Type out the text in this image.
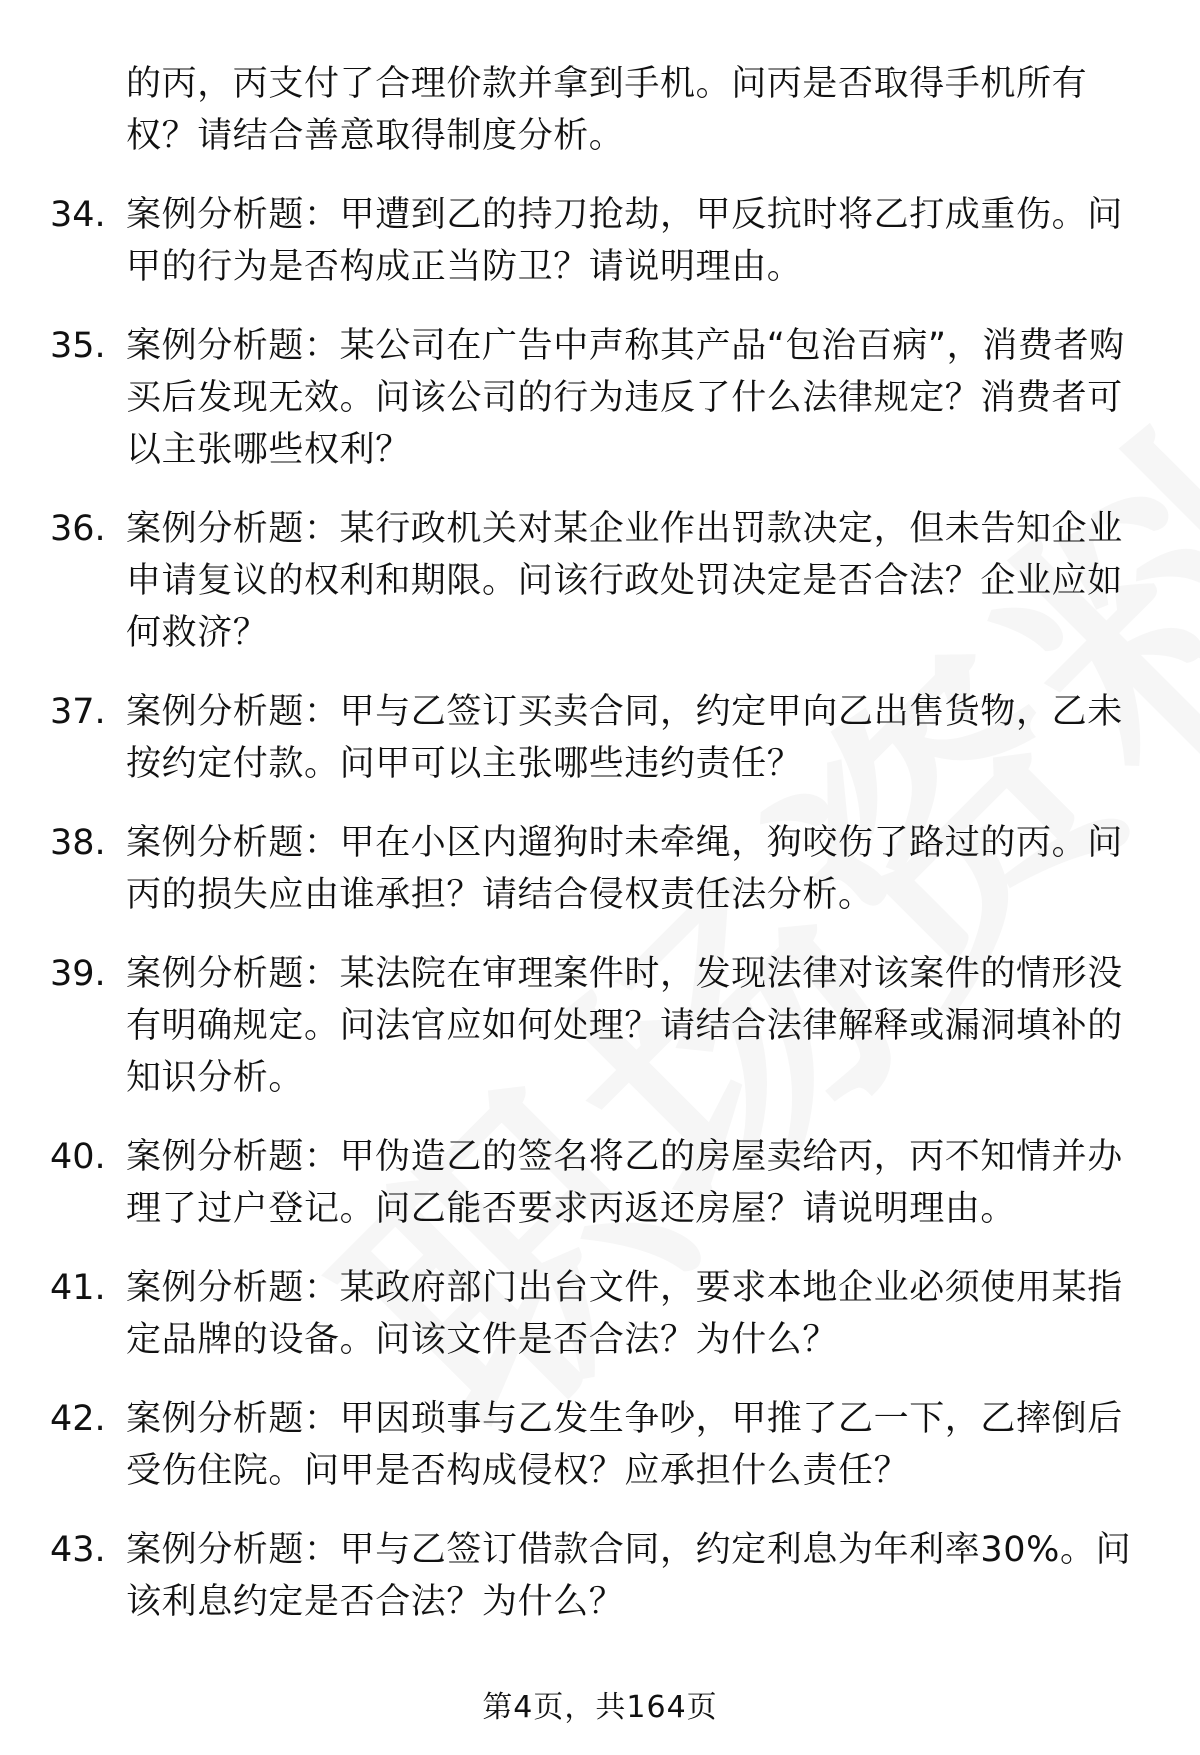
的丙，丙支付了合理价款并拿到手机。问丙是否取得手机所有权？请结合善意取得制度分析。
34. 案例分析题：甲遭到乙的持刀抢劫，甲反抗时将乙打成重伤。问甲的行为是否构成正当防卫？请说明理由。
35. 案例分析题：某公司在广告中声称其产品“包治百病”，消费者购买后发现无效。问该公司的行为违反了什么法律规定？消费者可以主张哪些权利？
36. 案例分析题：某行政机关对某企业作出罚款决定，但未告知企业申请复议的权利和期限。问该行政处罚决定是否合法？企业应如何救济？
37. 案例分析题：甲与乙签订买卖合同，约定甲向乙出售货物，乙未按约定付款。问甲可以主张哪些违约责任？
38. 案例分析题：甲在小区内遛狗时未牵绳，狗咬伤了路过的丙。问丙的损失应由谁承担？请结合侵权责任法分析。
39. 案例分析题：某法院在审理案件时，发现法律对该案件的情形没有明确规定。问法官应如何处理？请结合法律解释或漏洞填补的知识分析。
40. 案例分析题：甲伪造乙的签名将乙的房屋卖给丙，丙不知情并办理了过户登记。问乙能否要求丙返还房屋？请说明理由。
41. 案例分析题：某政府部门出台文件，要求本地企业必须使用某指定品牌的设备。问该文件是否合法？为什么？
42. 案例分析题：甲因琐事与乙发生争吵，甲推了乙一下，乙摔倒后受伤住院。问甲是否构成侵权？应承担什么责任？
43. 案例分析题：甲与乙签订借款合同，约定利息为年利率30%。问该利息约定是否合法？为什么？
第4页，共164页
